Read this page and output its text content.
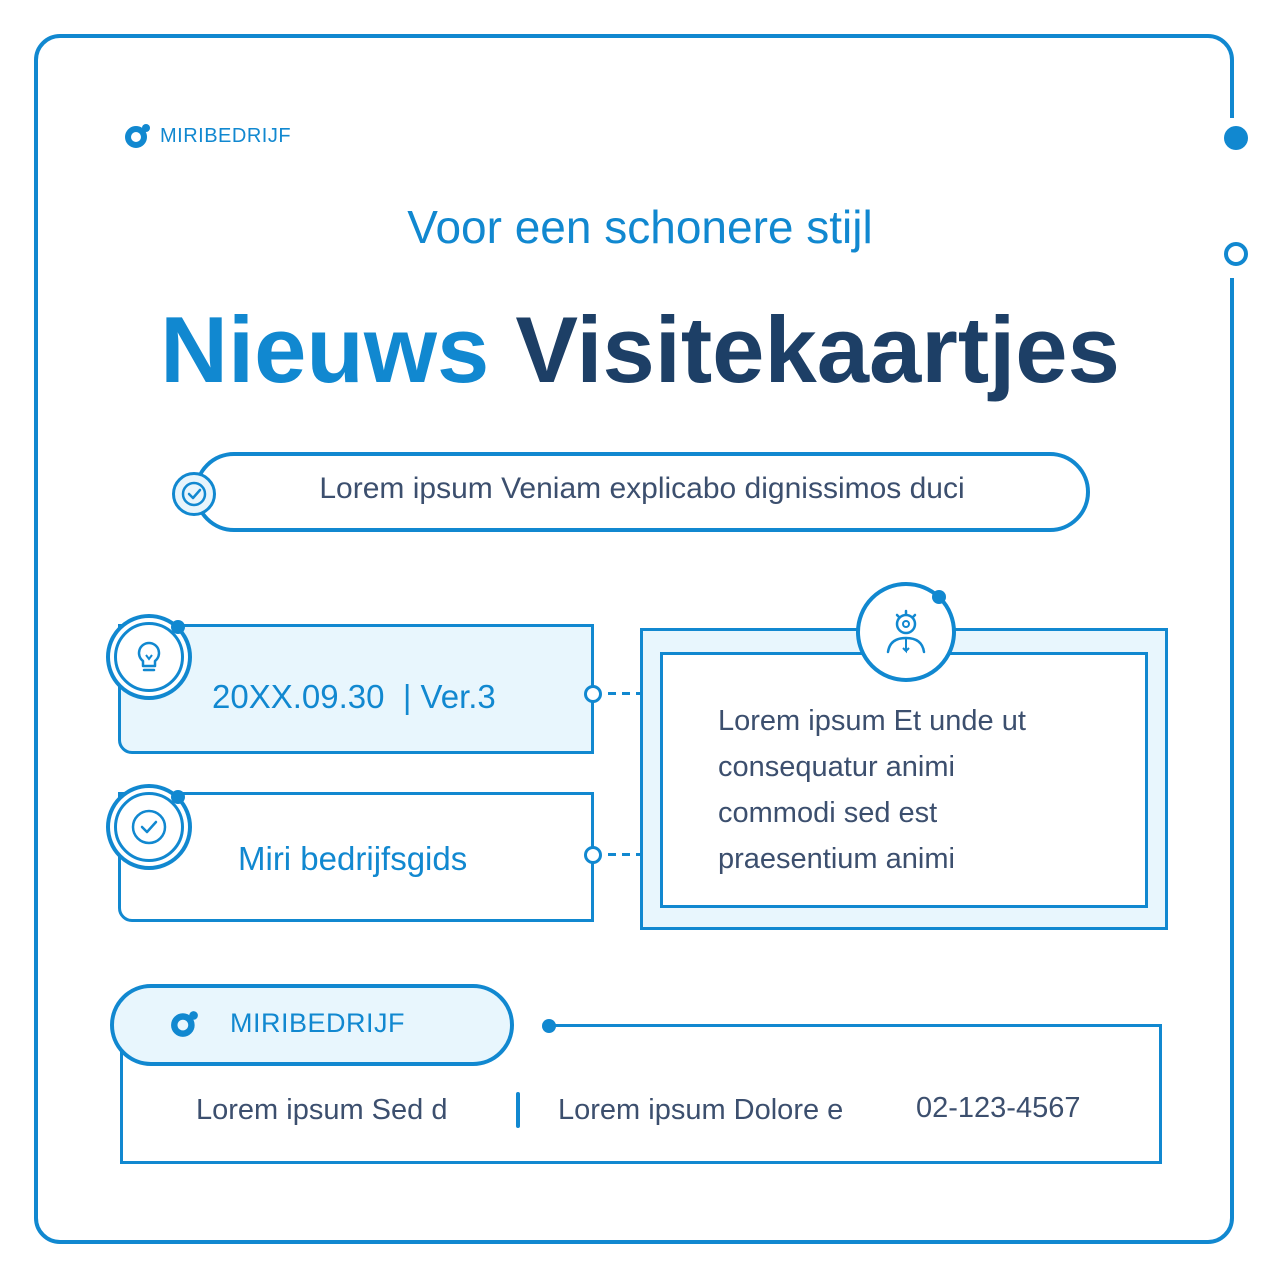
MIRIBEDRIJF
Voor een schonere stijl
Nieuws Visitekaartjes
Lorem ipsum Veniam explicabo dignissimos duci
20XX.09.30  | Ver.3
Miri bedrijfsgids
Lorem ipsum Et unde ut
consequatur animi
commodi sed est
praesentium animi
MIRIBEDRIJF
Lorem ipsum Sed d	Lorem ipsum Dolore e	02-123-4567
